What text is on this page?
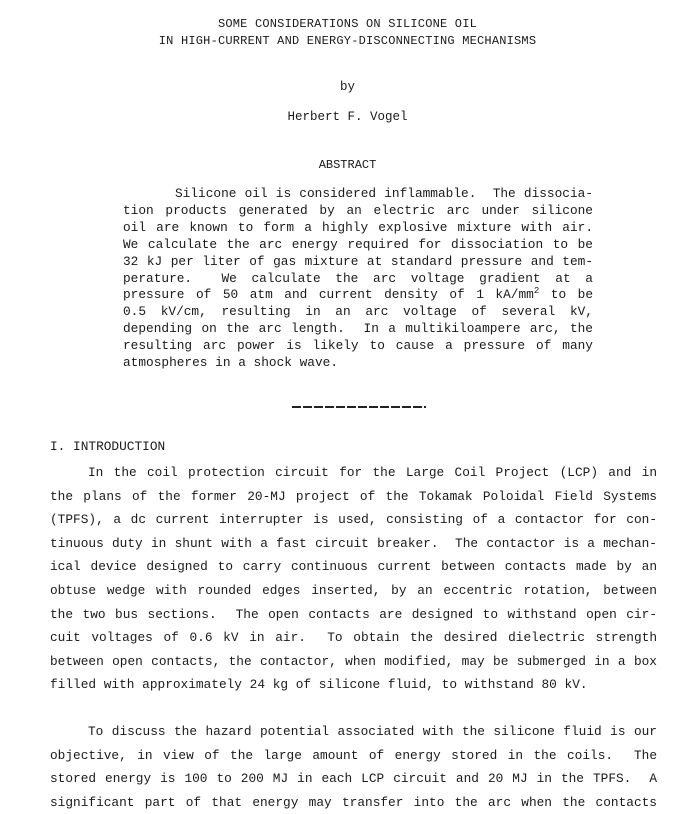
SOME CONSIDERATIONS ON SILICONE OIL
IN HIGH-CURRENT AND ENERGY-DISCONNECTING MECHANISMS
by
Herbert F. Vogel
ABSTRACT
Silicone oil is considered inflammable.  The dissocia-
tion products generated by an electric arc under silicone
oil are known to form a highly explosive mixture with air.
We calculate the arc energy required for dissociation to be
32 kJ per liter of gas mixture at standard pressure and tem-
perature.  We calculate the arc voltage gradient at a
pressure of 50 atm and current density of 1 $kA/mm^2$ to be
0.5 kV/cm, resulting in an arc voltage of several kV,
depending on the arc length.  In a multikiloampere arc, the
resulting arc power is likely to cause a pressure of many
atmospheres in a shock wave.
I. INTRODUCTION
In the coil protection circuit for the Large Coil Project (LCP) and in
the plans of the former 20-MJ project of the Tokamak Poloidal Field Systems
(TPFS), a dc current interrupter is used, consisting of a contactor for con-
tinuous duty in shunt with a fast circuit breaker.  The contactor is a mechan-
ical device designed to carry continuous current between contacts made by an
obtuse wedge with rounded edges inserted, by an eccentric rotation, between
the two bus sections.  The open contacts are designed to withstand open cir-
cuit voltages of 0.6 kV in air.  To obtain the desired dielectric strength
between open contacts, the contactor, when modified, may be submerged in a box
filled with approximately 24 kg of silicone fluid, to withstand 80 kV.
To discuss the hazard potential associated with the silicone fluid is our
objective, in view of the large amount of energy stored in the coils.  The
stored energy is 100 to 200 MJ in each LCP circuit and 20 MJ in the TPFS.  A
significant part of that energy may transfer into the arc when the contacts
